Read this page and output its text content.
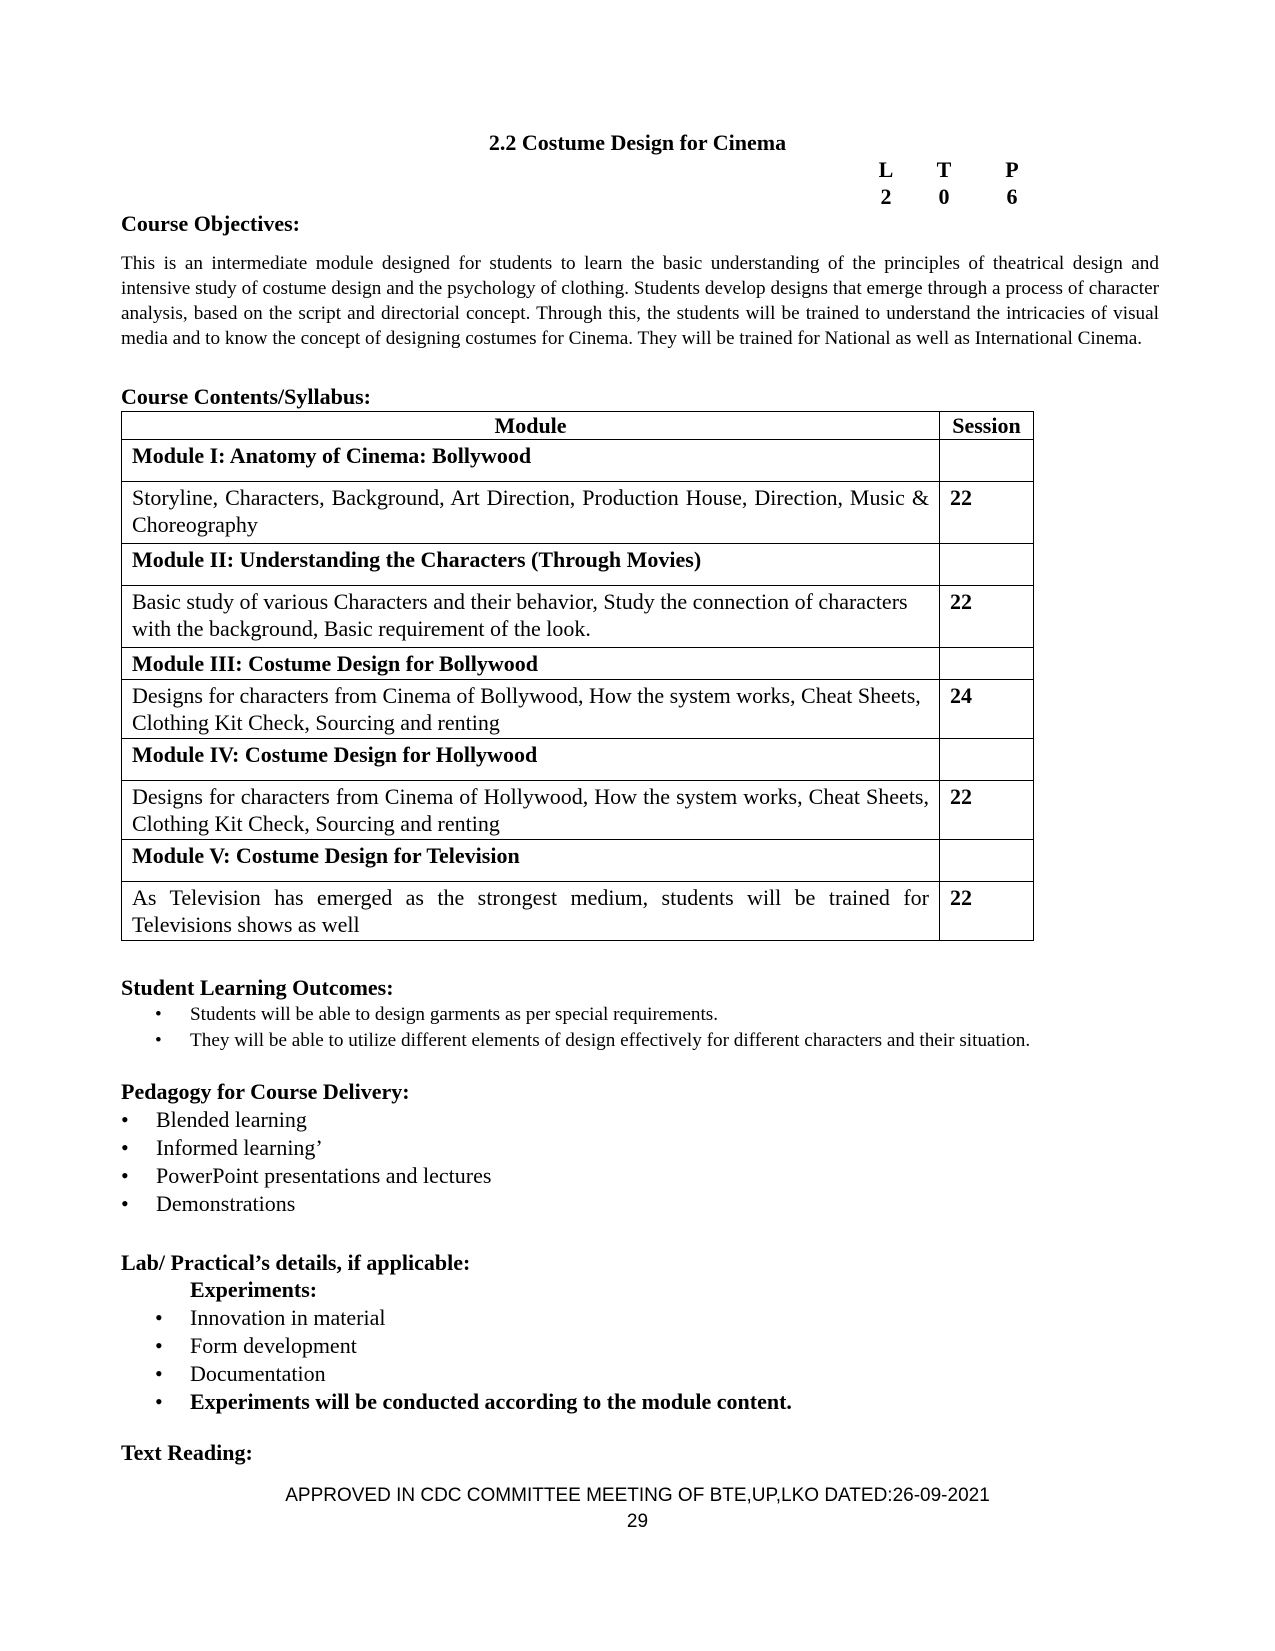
2.2 Costume Design for Cinema
L	T	P
2	0	6
Course Objectives:
This is an intermediate module designed for students to learn the basic understanding of the principles of theatrical design and intensive study of costume design and the psychology of clothing. Students develop designs that emerge through a process of character analysis, based on the script and directorial concept. Through this, the students will be trained to understand the intricacies of visual media and to know the concept of designing costumes for Cinema. They will be trained for National as well as International Cinema.
Course Contents/Syllabus:
Module	Session
Module I: Anatomy of Cinema: Bollywood	
Storyline, Characters, Background, Art Direction, Production House, Direction, Music & Choreography	22
Module II: Understanding the Characters (Through Movies)	
Basic study of various Characters and their behavior, Study the connection of characters with the background, Basic requirement of the look.	22
Module III: Costume Design for Bollywood	
Designs for characters from Cinema of Bollywood, How the system works, Cheat Sheets, Clothing Kit Check, Sourcing and renting	24
Module IV: Costume Design for Hollywood	
Designs for characters from Cinema of Hollywood, How the system works, Cheat Sheets, Clothing Kit Check, Sourcing and renting	22
Module V: Costume Design for Television	
As Television has emerged as the strongest medium, students will be trained for Televisions shows as well	22
Student Learning Outcomes:
• Students will be able to design garments as per special requirements.
• They will be able to utilize different elements of design effectively for different characters and their situation.
Pedagogy for Course Delivery:
• Blended learning
• Informed learning’
• PowerPoint presentations and lectures
• Demonstrations
Lab/ Practical’s details, if applicable:
Experiments:
• Innovation in material
• Form development
• Documentation
• Experiments will be conducted according to the module content.
Text Reading:
APPROVED IN CDC COMMITTEE MEETING OF BTE,UP,LKO DATED:26-09-2021
29
